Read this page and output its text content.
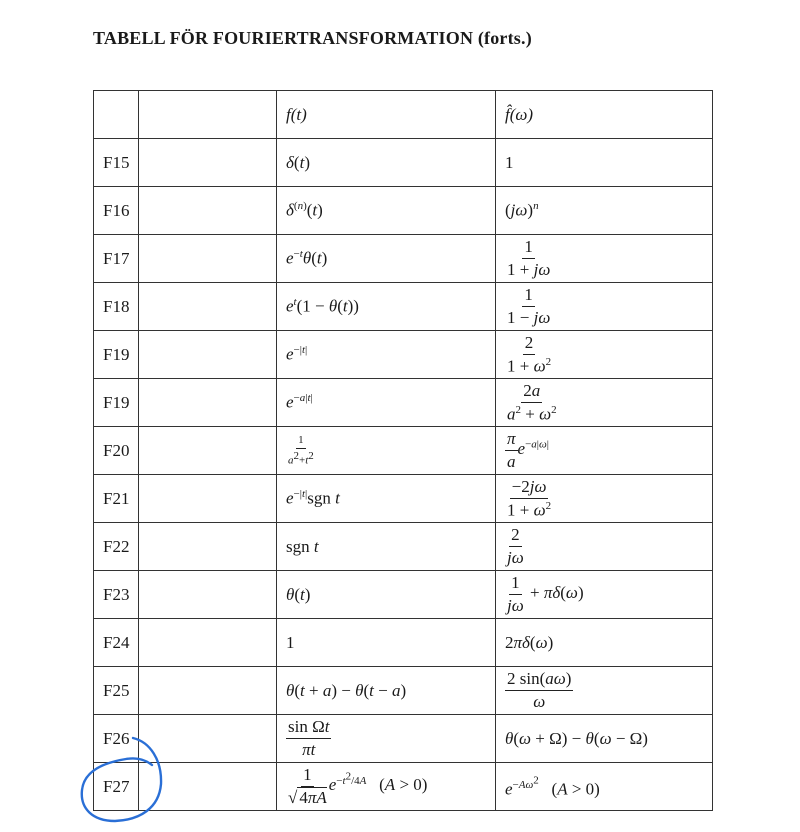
TABELL FÖR FOURIERTRANSFORMATION (forts.)
		f(t)	f̂(ω)
F15		δ(t)	1
F16		$\delta^{(n)}(t)$	$(j\omega)^n$
F17		$e^{-t}\theta(t)$	$\frac{1}{1 + j\omega}$

F18		$e^t(1 - \theta(t))$	$\frac{1}{1 - j\omega}$

F19		$e^{-|t|}$	$\frac{2}{1 + \omega^2}$

F19		$e^{-a|t|}$	$\frac{2a}{a^2 + \omega^2}$

F20		$\frac{1}{a^2+t^2}$	$\frac{\pi}{a} e^{-a|\omega|}$
F21		$e^{-|t|}sgn$ t	$\frac{-2j\omega}{1 + \omega^2}$

F22		sgn t	$\frac{2}{j\omega}$

F23		θ(t)	$\frac{1}{j\omega} + \pi\delta(\omega)$
F24		1	2πδ(ω)
F25		θ(t + a) − θ(t − a)	$\frac{2 \sin(a\omega)}{\omega}$

F26		$\frac{\text{sin Ωt}}{\pi t}$	θ(ω + Ω) − θ(ω − Ω)
F27		$\frac{1}{√ 4\pi A} e^{-t^2/4A}$   (A > 0)	$e^{-A\omega^2}$   (A > 0)
